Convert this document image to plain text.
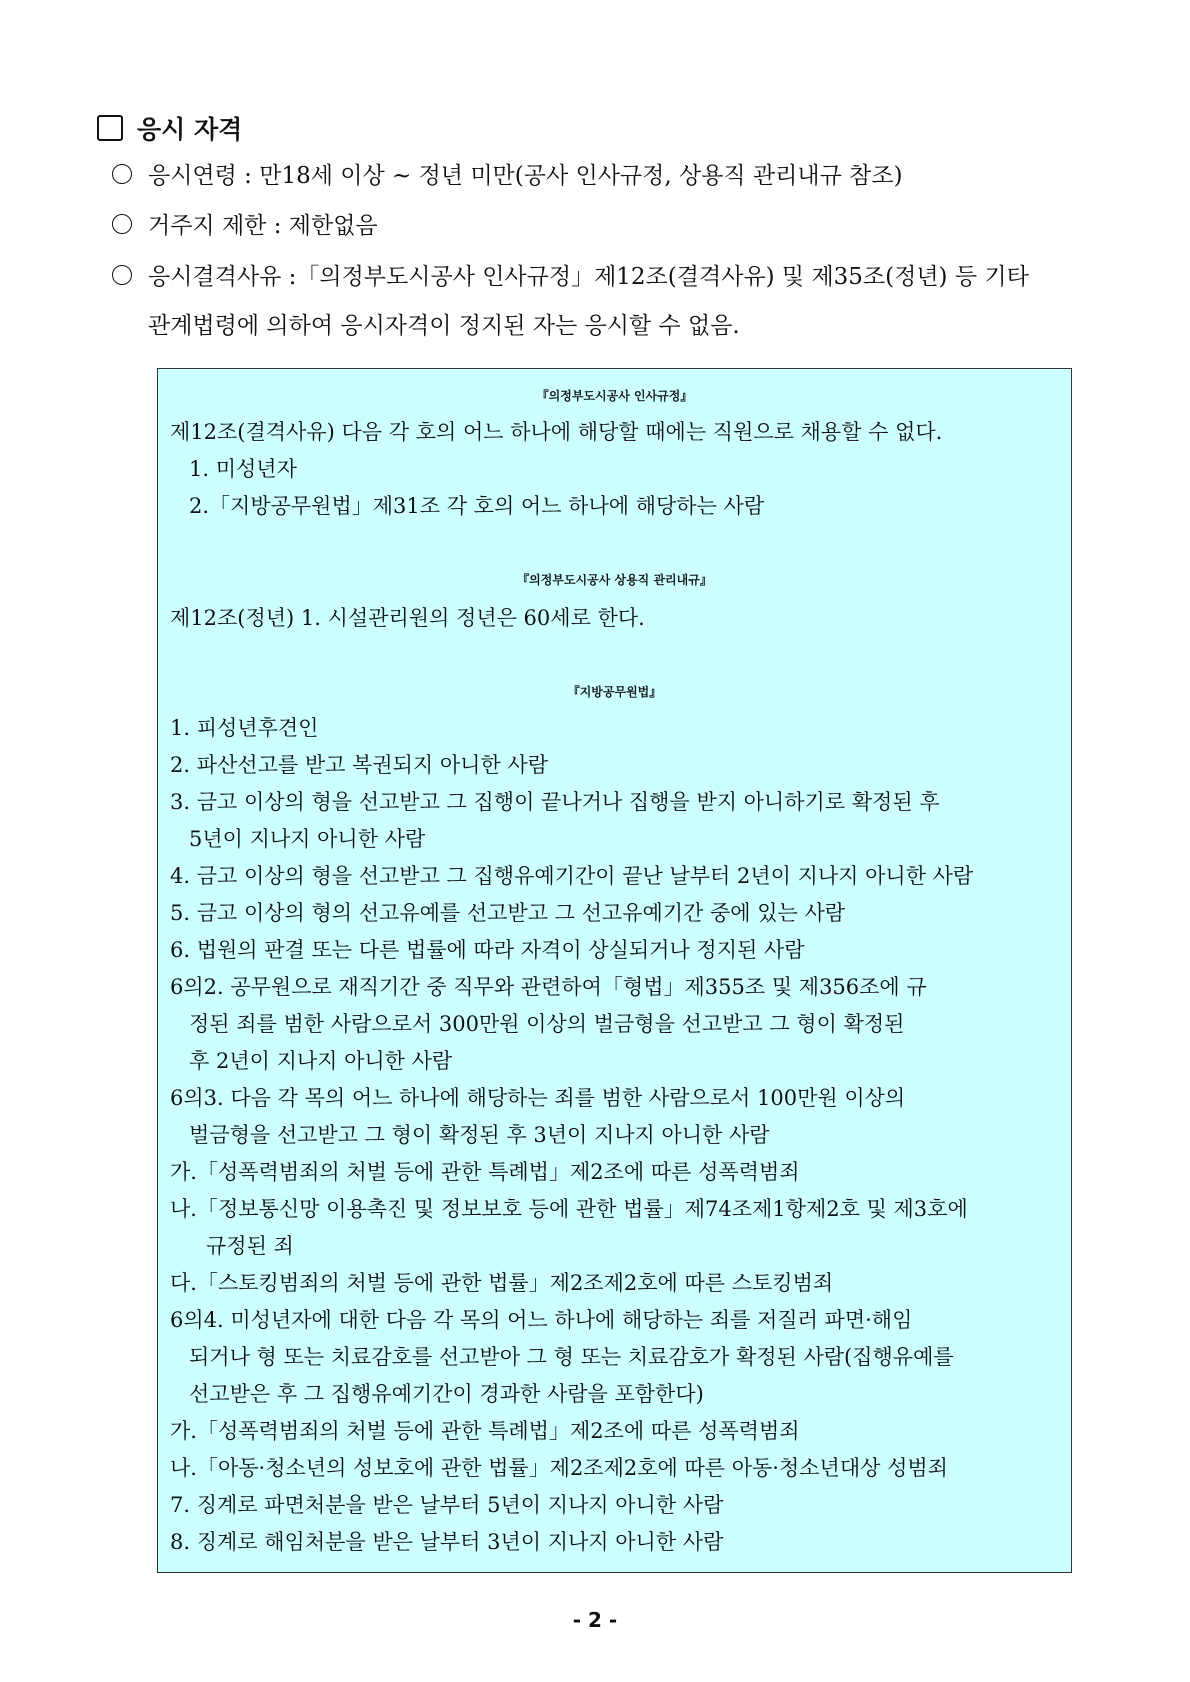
응시 자격
응시연령 : 만18세 이상 ~ 정년 미만(공사 인사규정, 상용직 관리내규 참조)
거주지 제한 : 제한없음
응시결격사유 :「의정부도시공사 인사규정」제12조(결격사유) 및 제35조(정년) 등 기타
관계법령에 의하여 응시자격이 정지된 자는 응시할 수 없음.
『의정부도시공사 인사규정』
제12조(결격사유) 다음 각 호의 어느 하나에 해당할 때에는 직원으로 채용할 수 없다.
1. 미성년자
2.「지방공무원법」제31조 각 호의 어느 하나에 해당하는 사람
『의정부도시공사 상용직 관리내규』
제12조(정년) 1. 시설관리원의 정년은 60세로 한다.
『지방공무원법』
1. 피성년후견인
2. 파산선고를 받고 복권되지 아니한 사람
3. 금고 이상의 형을 선고받고 그 집행이 끝나거나 집행을 받지 아니하기로 확정된 후
5년이 지나지 아니한 사람
4. 금고 이상의 형을 선고받고 그 집행유예기간이 끝난 날부터 2년이 지나지 아니한 사람
5. 금고 이상의 형의 선고유예를 선고받고 그 선고유예기간 중에 있는 사람
6. 법원의 판결 또는 다른 법률에 따라 자격이 상실되거나 정지된 사람
6의2. 공무원으로 재직기간 중 직무와 관련하여「형법」제355조 및 제356조에 규
정된 죄를 범한 사람으로서 300만원 이상의 벌금형을 선고받고 그 형이 확정된
후 2년이 지나지 아니한 사람
6의3. 다음 각 목의 어느 하나에 해당하는 죄를 범한 사람으로서 100만원 이상의
벌금형을 선고받고 그 형이 확정된 후 3년이 지나지 아니한 사람
가.「성폭력범죄의 처벌 등에 관한 특례법」제2조에 따른 성폭력범죄
나.「정보통신망 이용촉진 및 정보보호 등에 관한 법률」제74조제1항제2호 및 제3호에
규정된 죄
다.「스토킹범죄의 처벌 등에 관한 법률」제2조제2호에 따른 스토킹범죄
6의4. 미성년자에 대한 다음 각 목의 어느 하나에 해당하는 죄를 저질러 파면·해임
되거나 형 또는 치료감호를 선고받아 그 형 또는 치료감호가 확정된 사람(집행유예를
선고받은 후 그 집행유예기간이 경과한 사람을 포함한다)
가.「성폭력범죄의 처벌 등에 관한 특례법」제2조에 따른 성폭력범죄
나.「아동·청소년의 성보호에 관한 법률」제2조제2호에 따른 아동·청소년대상 성범죄
7. 징계로 파면처분을 받은 날부터 5년이 지나지 아니한 사람
8. 징계로 해임처분을 받은 날부터 3년이 지나지 아니한 사람
- 2 -
